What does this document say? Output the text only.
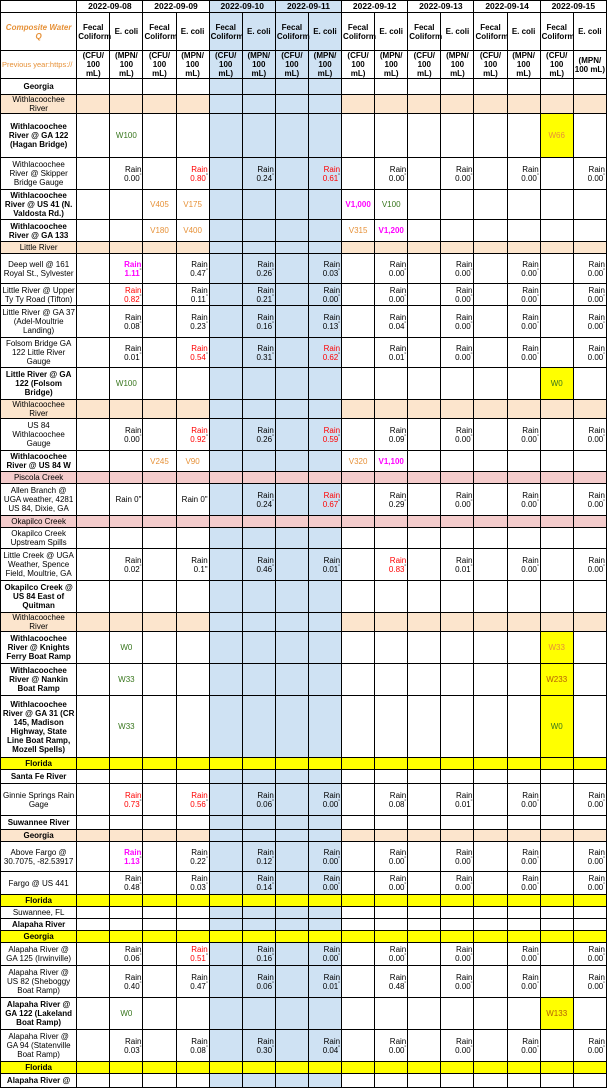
	2022-09-08		2022-09-09		2022-09-10		2022-09-11		2022-09-12		2022-09-13		2022-09-14		2022-09-15	
Composite Water Q	Fecal Coliform	E. coli	Fecal Coliform	E. coli	Fecal Coliform	E. coli	Fecal Coliform	E. coli	Fecal Coliform	E. coli	Fecal Coliform	E. coli	Fecal Coliform	E. coli	Fecal Coliform	E. coli
Previous year:https://	(CFU/ 100 mL)	(MPN/ 100 mL)	(CFU/ 100 mL)	(MPN/ 100 mL)	(CFU/ 100 mL)	(MPN/ 100 mL)	(CFU/ 100 mL)	(MPN/ 100 mL)	(CFU/ 100 mL)	(MPN/ 100 mL)	(CFU/ 100 mL)	(MPN/ 100 mL)	(CFU/ 100 mL)	(MPN/ 100 mL)	(CFU/ 100 mL)	(MPN/ 100 mL)
Georgia																
Withlacoochee River																
Withlacoochee River @ GA 122 (Hagan Bridge)		W100													W66	
Withlacoochee River @ Skipper Bridge Gauge		Rain 0.00"		Rain 0.80"		Rain 0.24"		Rain 0.61"		Rain 0.00"		Rain 0.00"		Rain 0.00"		Rain 0.00"
Withlacoochee River @ US 41 (N. Valdosta Rd.)			V405	V175					V1,000	V100						
Withlacoochee River @ GA 133			V180	V400					V315	V1,200						
Little River																
Deep well @ 161 Royal St., Sylvester		Rain 1.11"		Rain 0.47"		Rain 0.26"		Rain 0.03"		Rain 0.00"		Rain 0.00"		Rain 0.00"		Rain 0.00"
Little River @ Upper Ty Ty Road (Tifton)		Rain 0.82"		Rain 0.11"		Rain 0.21"		Rain 0.00"		Rain 0.00"		Rain 0.00"		Rain 0.00"		Rain 0.00"
Little River @ GA 37 (Adel-Moultrie Landing)		Rain 0.08"		Rain 0.23"		Rain 0.16"		Rain 0.13"		Rain 0.04"		Rain 0.00"		Rain 0.00"		Rain 0.00"
Folsom Bridge GA 122 Little River Gauge		Rain 0.01"		Rain 0.54"		Rain 0.31"		Rain 0.62"		Rain 0.01"		Rain 0.00"		Rain 0.00"		Rain 0.00"
Little River @ GA 122 (Folsom Bridge)		W100													W0	
Withlacoochee River																
US 84 Withlacoochee Gauge		Rain 0.00"		Rain 0.92"		Rain 0.26"		Rain 0.59"		Rain 0.09"		Rain 0.00"		Rain 0.00"		Rain 0.00"
Withlacoochee River @ US 84 W			V245	V90					V320	V1,100						
Piscola Creek																
Allen Branch @ UGA weather, 4281 US 84, Dixie, GA		Rain 0"		Rain 0"		Rain 0.24"		Rain 0.67"		Rain 0.29"		Rain 0.00"		Rain 0.00"		Rain 0.00"
Okapilco Creek																
Okapilco Creek Upstream Spills																
Little Creek @ UGA Weather, Spence Field, Moultrie, GA		Rain 0.02"		Rain 0.1"		Rain 0.46"		Rain 0.01"		Rain 0.83"		Rain 0.01"		Rain 0.00"		Rain 0.00"
Okapilco Creek @ US 84 East of Quitman																
Withlacoochee River																
Withlacoochee River @ Knights Ferry Boat Ramp		W0													W33	
Withlacoochee River @ Nankin Boat Ramp		W33													W233	
Withlacoochee River @ GA 31 (CR 145, Madison Highway, State Line Boat Ramp, Mozell Spells)		W33													W0	
Florida																
Santa Fe River																
Ginnie Springs Rain Gage		Rain 0.73"		Rain 0.56"		Rain 0.06"		Rain 0.00"		Rain 0.08"		Rain 0.01"		Rain 0.00"		Rain 0.00"
Suwannee River																
Georgia																
Above Fargo @ 30.7075, -82.53917		Rain 1.13"		Rain 0.22"		Rain 0.12"		Rain 0.00"		Rain 0.00"		Rain 0.00"		Rain 0.00"		Rain 0.00"
Fargo @ US 441		Rain 0.48"		Rain 0.03"		Rain 0.14"		Rain 0.00"		Rain 0.00"		Rain 0.00"		Rain 0.00"		Rain 0.00"
Florida																
Suwannee, FL																
Alapaha River																
Georgia																
Alapaha River @ GA 125 (Irwinville)		Rain 0.06"		Rain 0.51"		Rain 0.16"		Rain 0.00"		Rain 0.00"		Rain 0.00"		Rain 0.00"		Rain 0.00"
Alapaha River @ US 82 (Sheboggy Boat Ramp)		Rain 0.40"		Rain 0.47"		Rain 0.06"		Rain 0.01"		Rain 0.48"		Rain 0.00"		Rain 0.00"		Rain 0.00"
Alapaha River @ GA 122 (Lakeland Boat Ramp)		W0													W133	
Alapaha River @ GA 94 (Statenville Boat Ramp)		Rain 0.03"		Rain 0.08"		Rain 0.30"		Rain 0.04"		Rain 0.00"		Rain 0.00"		Rain 0.00"		Rain 0.00"
Florida																
Alapaha River @																
